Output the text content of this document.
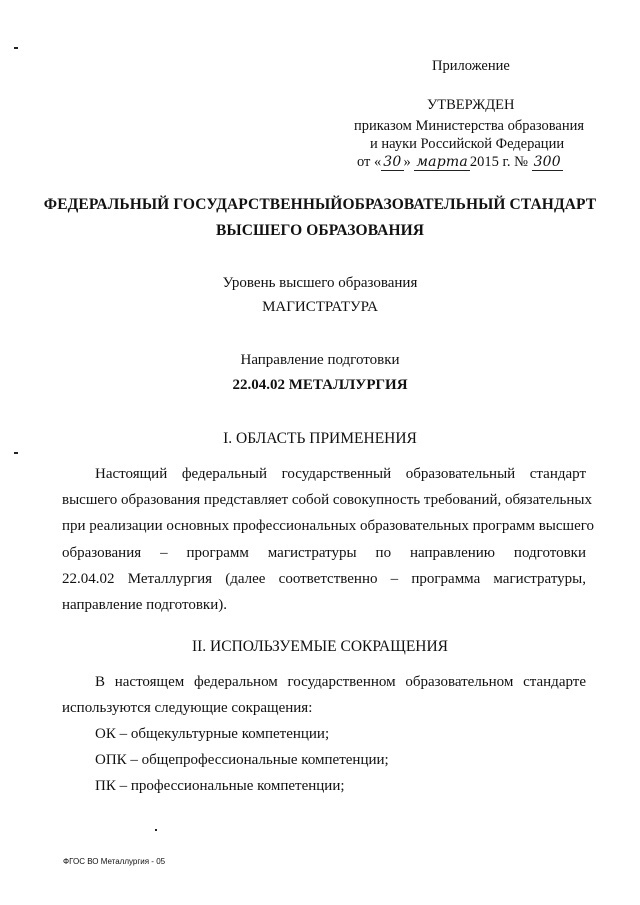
Приложение
УТВЕРЖДЕН
приказом Министерства образования
и науки Российской Федерации
от « 30 » марта 2015 г. № 300
ФЕДЕРАЛЬНЫЙ ГОСУДАРСТВЕННЫЙОБРАЗОВАТЕЛЬНЫЙ СТАНДАРТ
ВЫСШЕГО ОБРАЗОВАНИЯ
Уровень высшего образования
МАГИСТРАТУРА
Направление подготовки
22.04.02 МЕТАЛЛУРГИЯ
I. ОБЛАСТЬ ПРИМЕНЕНИЯ
Настоящий федеральный государственный образовательный стандарт
высшего образования представляет собой совокупность требований, обязательных
при реализации основных профессиональных образовательных программ высшего
образования – программ магистратуры по направлению подготовки
22.04.02 Металлургия (далее соответственно – программа магистратуры,
направление подготовки).
II. ИСПОЛЬЗУЕМЫЕ СОКРАЩЕНИЯ
В настоящем федеральном государственном образовательном стандарте
используются следующие сокращения:
ОК – общекультурные компетенции;
ОПК – общепрофессиональные компетенции;
ПК – профессиональные компетенции;
ФГОС ВО Металлургия - 05
